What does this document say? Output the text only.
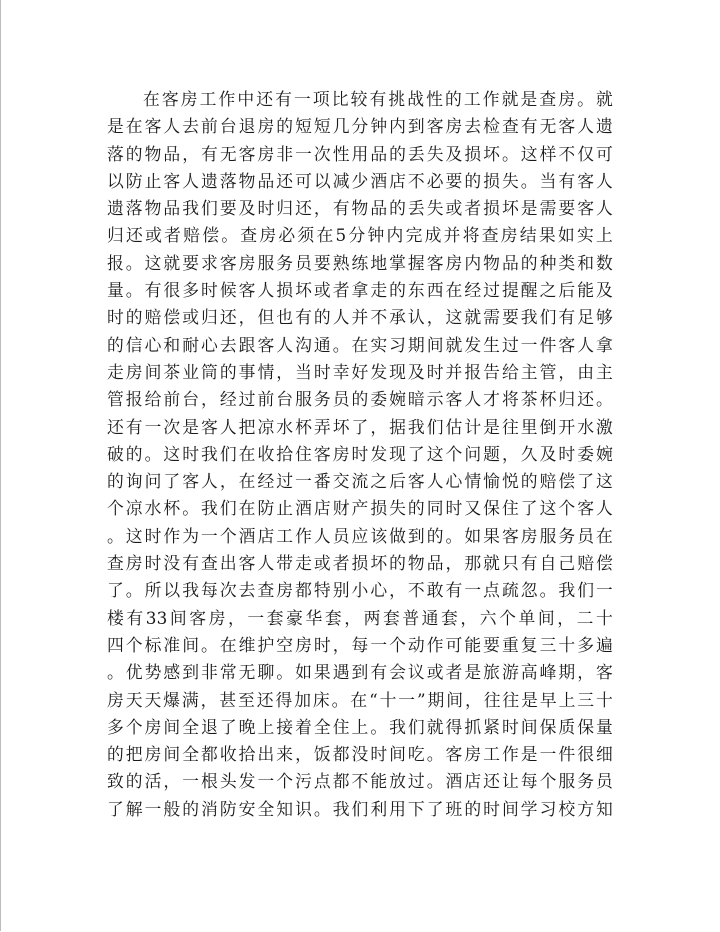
在客房工作中还有一项比较有挑战性的工作就是查房。就
是在客人去前台退房的短短几分钟内到客房去检查有无客人遗
落的物品，有无客房非一次性用品的丢失及损坏。这样不仅可
以防止客人遗落物品还可以减少酒店不必要的损失。当有客人
遗落物品我们要及时归还，有物品的丢失或者损坏是需要客人
归还或者赔偿。查房必须在5分钟内完成并将查房结果如实上
报。这就要求客房服务员要熟练地掌握客房内物品的种类和数
量。有很多时候客人损坏或者拿走的东西在经过提醒之后能及
时的赔偿或归还，但也有的人并不承认，这就需要我们有足够
的信心和耐心去跟客人沟通。在实习期间就发生过一件客人拿
走房间茶业筒的事情，当时幸好发现及时并报告给主管，由主
管报给前台，经过前台服务员的委婉暗示客人才将茶杯归还。
还有一次是客人把凉水杯弄坏了，据我们估计是往里倒开水激
破的。这时我们在收拾住客房时发现了这个问题，久及时委婉
的询问了客人，在经过一番交流之后客人心情愉悦的赔偿了这
个凉水杯。我们在防止酒店财产损失的同时又保住了这个客人
。这时作为一个酒店工作人员应该做到的。如果客房服务员在
查房时没有查出客人带走或者损坏的物品，那就只有自己赔偿
了。所以我每次去查房都特别小心，不敢有一点疏忽。我们一
楼有33间客房，一套豪华套，两套普通套，六个单间，二十
四个标准间。在维护空房时，每一个动作可能要重复三十多遍
。优势感到非常无聊。如果遇到有会议或者是旅游高峰期，客
房天天爆满，甚至还得加床。在“十一”期间，往往是早上三十
多个房间全退了晚上接着全住上。我们就得抓紧时间保质保量
的把房间全都收拾出来，饭都没时间吃。客房工作是一件很细
致的活，一根头发一个污点都不能放过。酒店还让每个服务员
了解一般的消防安全知识。我们利用下了班的时间学习校方知
